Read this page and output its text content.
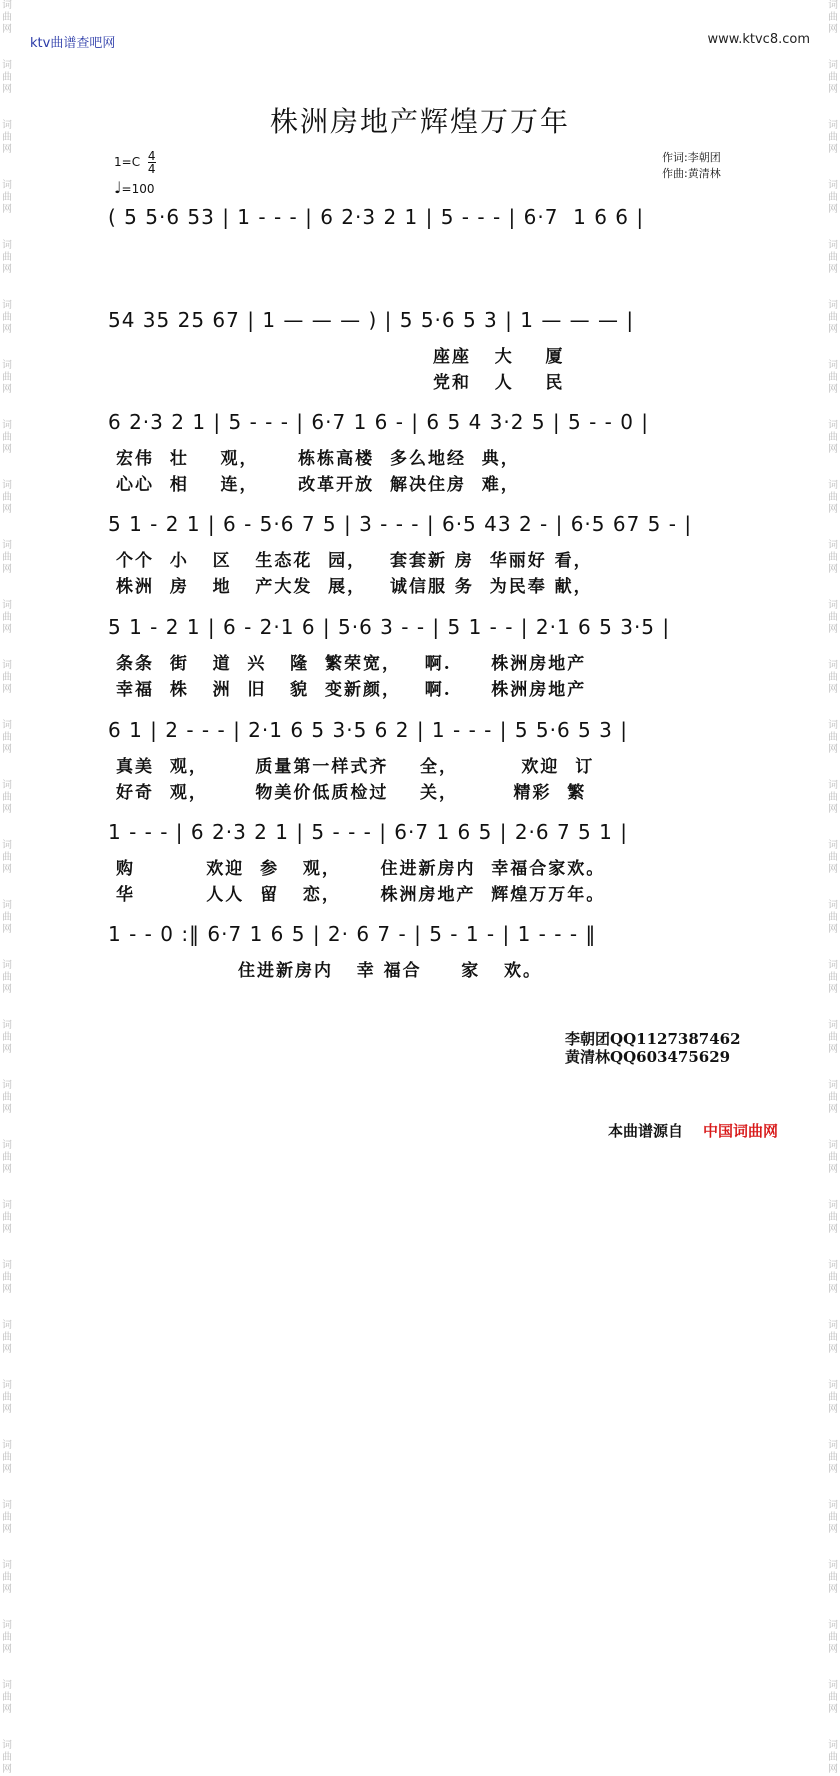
词
曲
网

词
曲
网

词
曲
网

词
曲
网

词
曲
网

词
曲
网

词
曲
网

词
曲
网

词
曲
网

词
曲
网

词
曲
网

词
曲
网

词
曲
网

词
曲
网

词
曲
网

词
曲
网

词
曲
网

词
曲
网

词
曲
网

词
曲
网

词
曲
网

词
曲
网

词
曲
网

词
曲
网

词
曲
网

词
曲
网

词
曲
网

词
曲
网

词
曲
网

词
曲
网

词
曲
网

词
曲
网

词
曲
网

词
曲
网

词
曲
网

词
曲
网

词
曲
网

词
曲
网

词
曲
网

词
曲
网

词
曲
网

词
曲
网

词
曲
网

词
曲
网

词
曲
网

词
曲
网

词
曲
网

词
曲
网

词
曲
网

词
曲
网

词
曲
网

词
曲
网

词
曲
网

词
曲
网

词
曲
网

词
曲
网

词
曲
网

词
曲
网

词
曲
网

词
曲
网

ktv曲谱查吧网	www.ktvc8.com
株洲房地产辉煌万万年
$1=C \frac{4}{4}$
♩=100
作词:李朝团
作曲:黄清林
( 5 5·6 53 | 1 - - - | 6 2·3 2 1 | 5 - - - | 6·7  1 6 6 |
54 35 25 67 | 1 — — — ) | 5 5·6 5 3 | 1 — — — |
座座   大    厦
党和   人    民
6 2·3 2 1 | 5 - - - | 6·7 1 6 - | 6 5 4 3·2 5 | 5 - - 0 |
宏伟  壮    观，     栋栋高楼  多么地经  典，
心心  相    连，     改革开放  解决住房  难，
5 1 - 2 1 | 6 - 5·6 7 5 | 3 - - - | 6·5 43 2 - | 6·5 67 5 - |
个个  小   区   生态花  园，   套套新 房  华丽好 看，
株洲  房   地   产大发  展，   诚信服 务  为民奉 献，
5 1 - 2 1 | 6 - 2·1 6 | 5·6 3 - - | 5 1 - - | 2·1 6 5 3·5 |
条条  街   道  兴   隆  繁荣宽，   啊.     株洲房地产
幸福  株   洲  旧   貌  变新颜，   啊.     株洲房地产
6 1 | 2 - - - | 2·1 6 5 3·5 6 2 | 1 - - - | 5 5·6 5 3 |
真美  观，      质量第一样式齐    全，        欢迎  订
好奇  观，      物美价低质检过    关，       精彩  繁
1 - - - | 6 2·3 2 1 | 5 - - - | 6·7 1 6 5 | 2·6 7 5 1 |
购         欢迎  参   观，     住进新房内  幸福合家欢。
华         人人  留   恋，     株洲房地产  辉煌万万年。
1 - - 0 :‖ 6·7 1 6 5 | 2· 6 7 - | 5 - 1 - | 1 - - - ‖
住进新房内   幸 福合     家   欢。
李朝团QQ1127387462
黄清林QQ603475629
本曲谱源自 中国词曲网
